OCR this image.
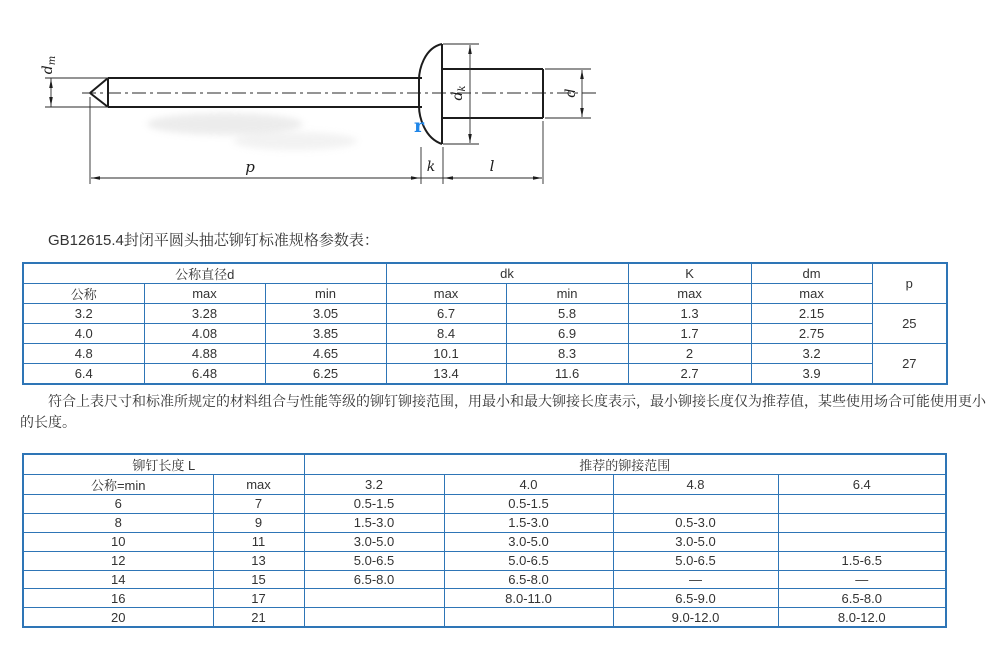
$d_m$
$d_k$	d
p	k	l
r
GB12615.4封闭平圆头抽芯铆钉标准规格参数表：
公称直径d			dk		K	dm	p
公称	max	min	max	min	max	max	
3.2	3.28	3.05	6.7	5.8	1.3	2.15	25
4.0	4.08	3.85	8.4	6.9	1.7	2.75	
4.8	4.88	4.65	10.1	8.3	2	3.2	27
6.4	6.48	6.25	13.4	11.6	2.7	3.9	
符合上表尺寸和标准所规定的材料组合与性能等级的铆钉铆接范围，用最小和最大铆接长度表示，最小铆接长度仅为推荐值，某些使用场合可能使用更小的长度。
铆钉长度 L		推荐的铆接范围			
公称=min	max	3.2	4.0	4.8	6.4
6	7	0.5-1.5	0.5-1.5		
8	9	1.5-3.0	1.5-3.0	0.5-3.0	
10	11	3.0-5.0	3.0-5.0	3.0-5.0	
12	13	5.0-6.5	5.0-6.5	5.0-6.5	1.5-6.5
14	15	6.5-8.0	6.5-8.0	—	—
16	17		8.0-11.0	6.5-9.0	6.5-8.0
20	21			9.0-12.0	8.0-12.0
